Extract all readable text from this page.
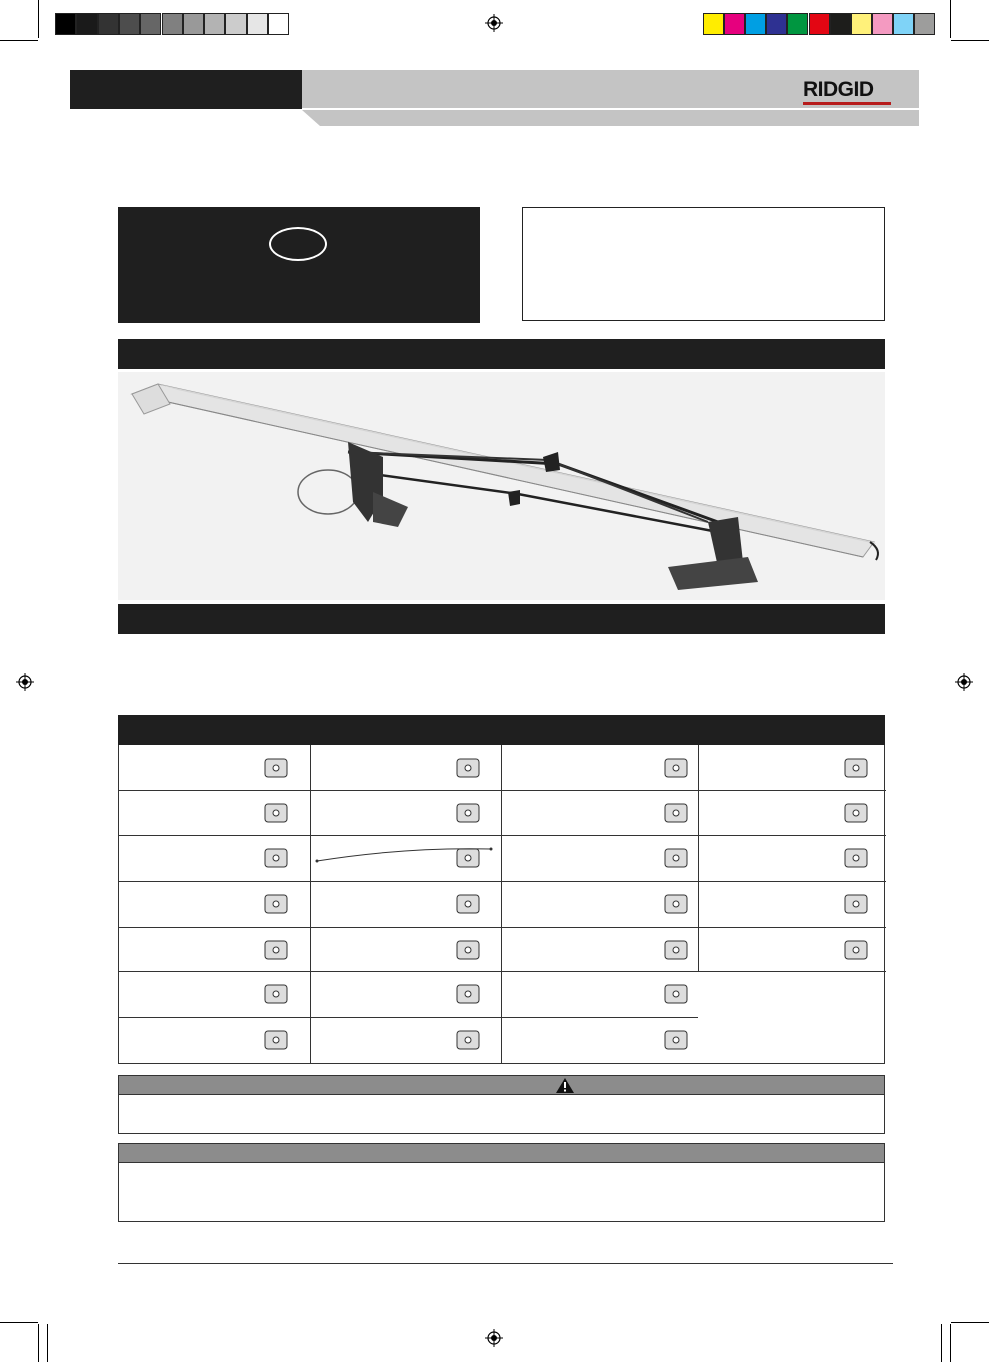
RIDGID
